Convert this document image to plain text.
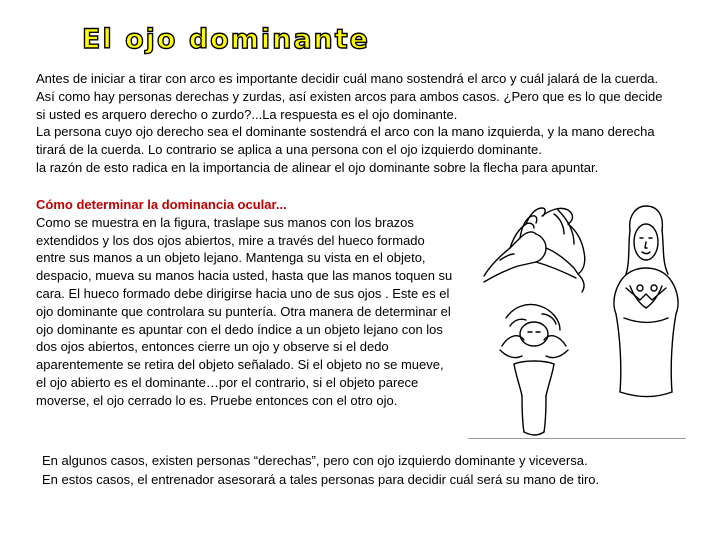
El ojo dominante

Antes de iniciar a tirar con arco es importante decidir cuál mano sostendrá el arco y cuál jalará de la cuerda. Así como hay personas derechas y zurdas, así existen arcos para ambos casos. ¿Pero que es lo que decide si usted es arquero derecho o zurdo?...La respuesta es el ojo dominante.

La persona cuyo ojo derecho sea el dominante sostendrá el arco con la mano izquierda, y la mano derecha tirará de la cuerda. Lo contrario se aplica a una persona con el ojo izquierdo dominante.

la razón de esto radica en la importancia de alinear el ojo dominante sobre la flecha para apuntar.

Cómo determinar la dominancia ocular...

Como se muestra en la figura, traslape sus manos con los brazos extendidos y los dos ojos abiertos, mire a través del hueco formado entre sus manos a un objeto lejano. Mantenga su vista en el objeto, despacio, mueva su manos hacia usted, hasta que las manos toquen su cara. El hueco formado debe dirigirse hacia uno de sus ojos . Este es el ojo dominante que controlara su puntería. Otra manera de determinar el ojo dominante es apuntar con el dedo índice a un objeto lejano con los dos ojos abiertos, entonces cierre un ojo y observe si el dedo aparentemente se retira del objeto señalado. Si el objeto no se mueve, el ojo abierto es el dominante…por el contrario, si el objeto parece moverse, el ojo cerrado lo es. Pruebe entonces con el otro ojo.

En algunos casos, existen personas “derechas”, pero con ojo izquierdo dominante y viceversa.

En estos casos, el entrenador asesorará a tales personas para decidir cuál será su mano de tiro.
